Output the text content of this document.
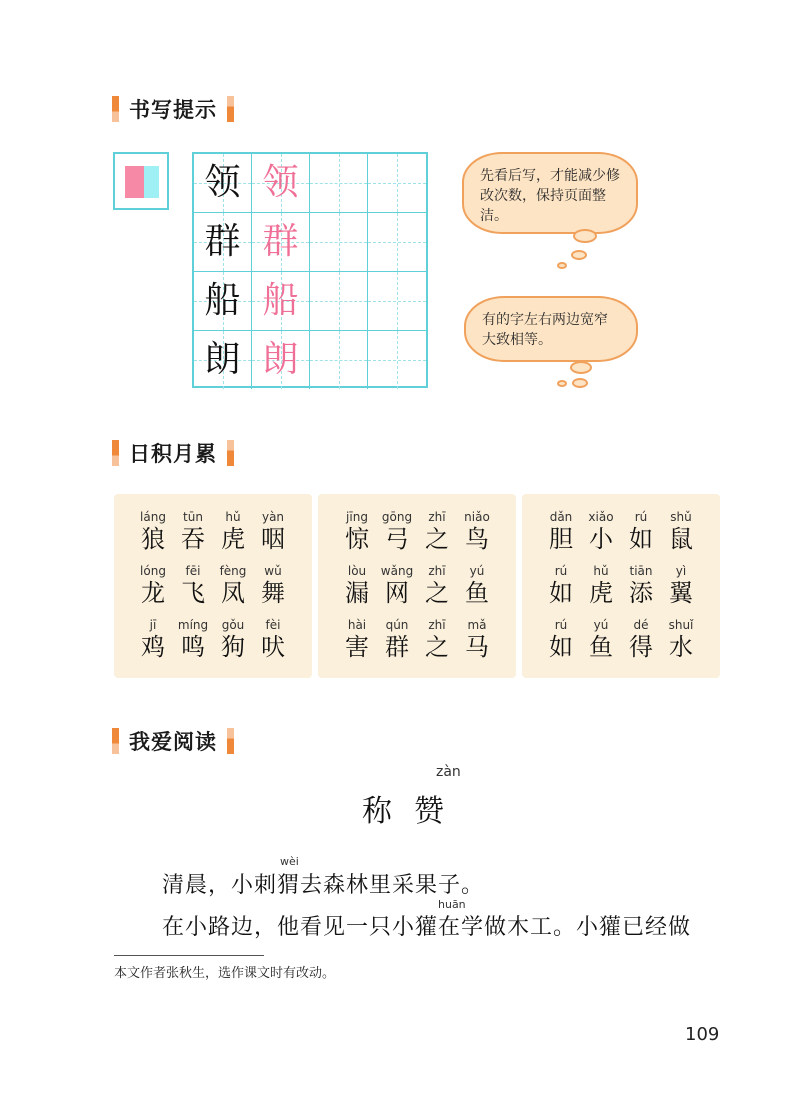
书写提示
领 领
群 群
船 船
朗 朗
先看后写，才能减少修改次数，保持页面整洁。
有的字左右两边宽窄大致相等。
日积月累
láng	tūn	hǔ	yàn
狼 吞 虎 咽
lóng	fēi	fèng	wǔ
龙 飞 凤 舞
jī	míng	gǒu	fèi
鸡 鸣 狗 吠
jīng	gōng	zhī	niǎo
惊 弓 之 鸟
lòu	wǎng	zhī	yú
漏 网 之 鱼
hài	qún	zhī	mǎ
害 群 之 马
dǎn	xiǎo	rú	shǔ
胆 小 如 鼠
rú	hǔ	tiān	yì
如 虎 添 翼
rú	yú	dé	shuǐ
如 鱼 得 水
我爱阅读
zàn
称赞
wèi
清晨，小刺猬去森林里采果子。
huān
在小路边，他看见一只小獾在学做木工。小獾已经做
本文作者张秋生，选作课文时有改动。
109
